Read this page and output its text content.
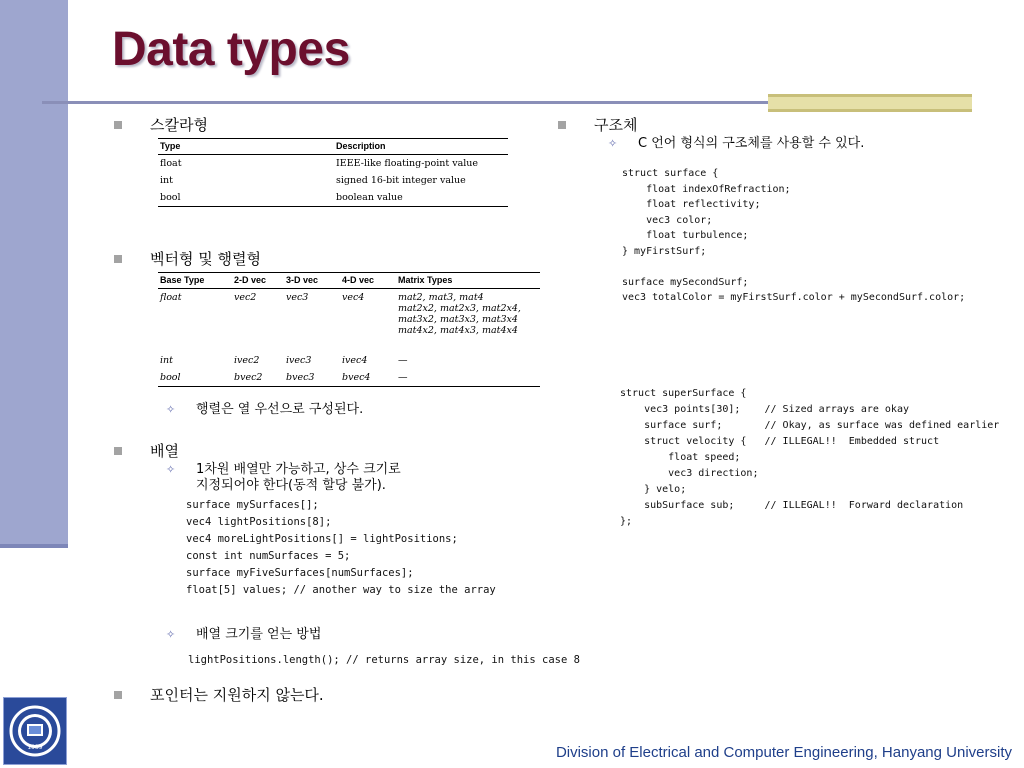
Data types
스칼라형
Type	Description
float	IEEE-like floating-point value
int	signed 16-bit integer value
bool	boolean value
벡터형 및 행렬형
Base Type	2-D vec	3-D vec	4-D vec	Matrix Types
float	vec2	vec3	vec4	mat2, mat3, mat4
mat2x2, mat2x3, mat2x4,
mat3x2, mat3x3, mat3x4
mat4x2, mat4x3, mat4x4
int	ivec2	ivec3	ivec4	—
bool	bvec2	bvec3	bvec4	—
✧	행렬은 열 우선으로 구성된다.
배열
✧	1차원 배열만 가능하고, 상수 크기로
지정되어야 한다(동적 할당 불가).
surface mySurfaces[];
vec4 lightPositions[8];
vec4 moreLightPositions[] = lightPositions;
const int numSurfaces = 5;
surface myFiveSurfaces[numSurfaces];
float[5] values; // another way to size the array
✧	배열 크기를 얻는 방법
lightPositions.length(); // returns array size, in this case 8
포인터는 지원하지 않는다.
구조체
✧	C 언어 형식의 구조체를 사용할 수 있다.
struct surface {
float indexOfRefraction;
float reflectivity;
vec3 color;
float turbulence;
} myFirstSurf;

surface mySecondSurf;
vec3 totalColor = myFirstSurf.color + mySecondSurf.color;
struct superSurface {
vec3 points[30];    // Sized arrays are okay
surface surf;       // Okay, as surface was defined earlier
struct velocity {   // ILLEGAL!!  Embedded struct
float speed;
vec3 direction;
} velo;
subSurface sub;     // ILLEGAL!!  Forward declaration
};
1939	Division of Electrical and Computer Engineering, Hanyang University
